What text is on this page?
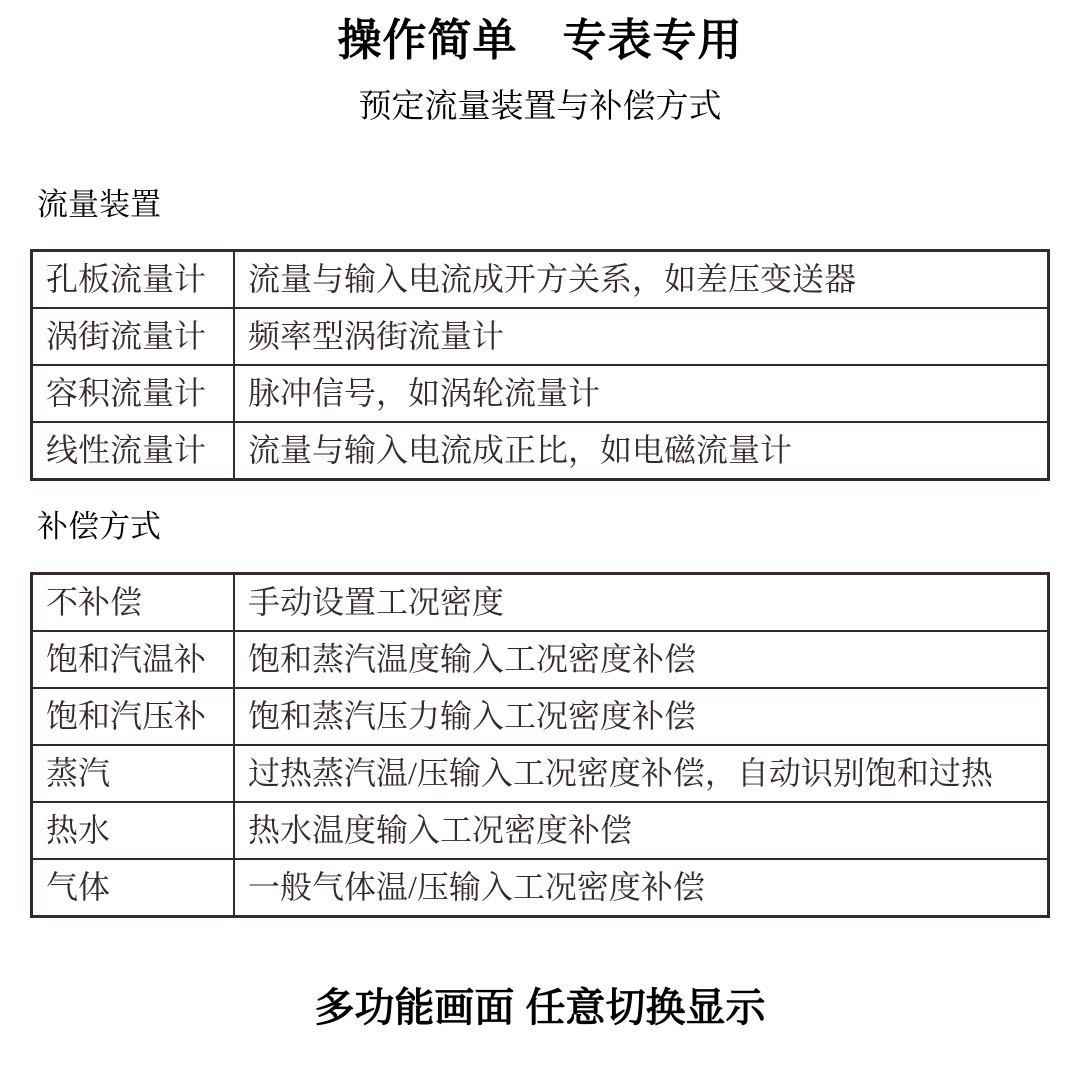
操作简单　专表专用
预定流量装置与补偿方式
流量装置
孔板流量计	流量与输入电流成开方关系，如差压变送器
涡街流量计	频率型涡街流量计
容积流量计	脉冲信号，如涡轮流量计
线性流量计	流量与输入电流成正比，如电磁流量计
补偿方式
不补偿	手动设置工况密度
饱和汽温补	饱和蒸汽温度输入工况密度补偿
饱和汽压补	饱和蒸汽压力输入工况密度补偿
蒸汽	过热蒸汽温/压输入工况密度补偿，自动识别饱和过热
热水	热水温度输入工况密度补偿
气体	一般气体温/压输入工况密度补偿
多功能画面 任意切换显示
